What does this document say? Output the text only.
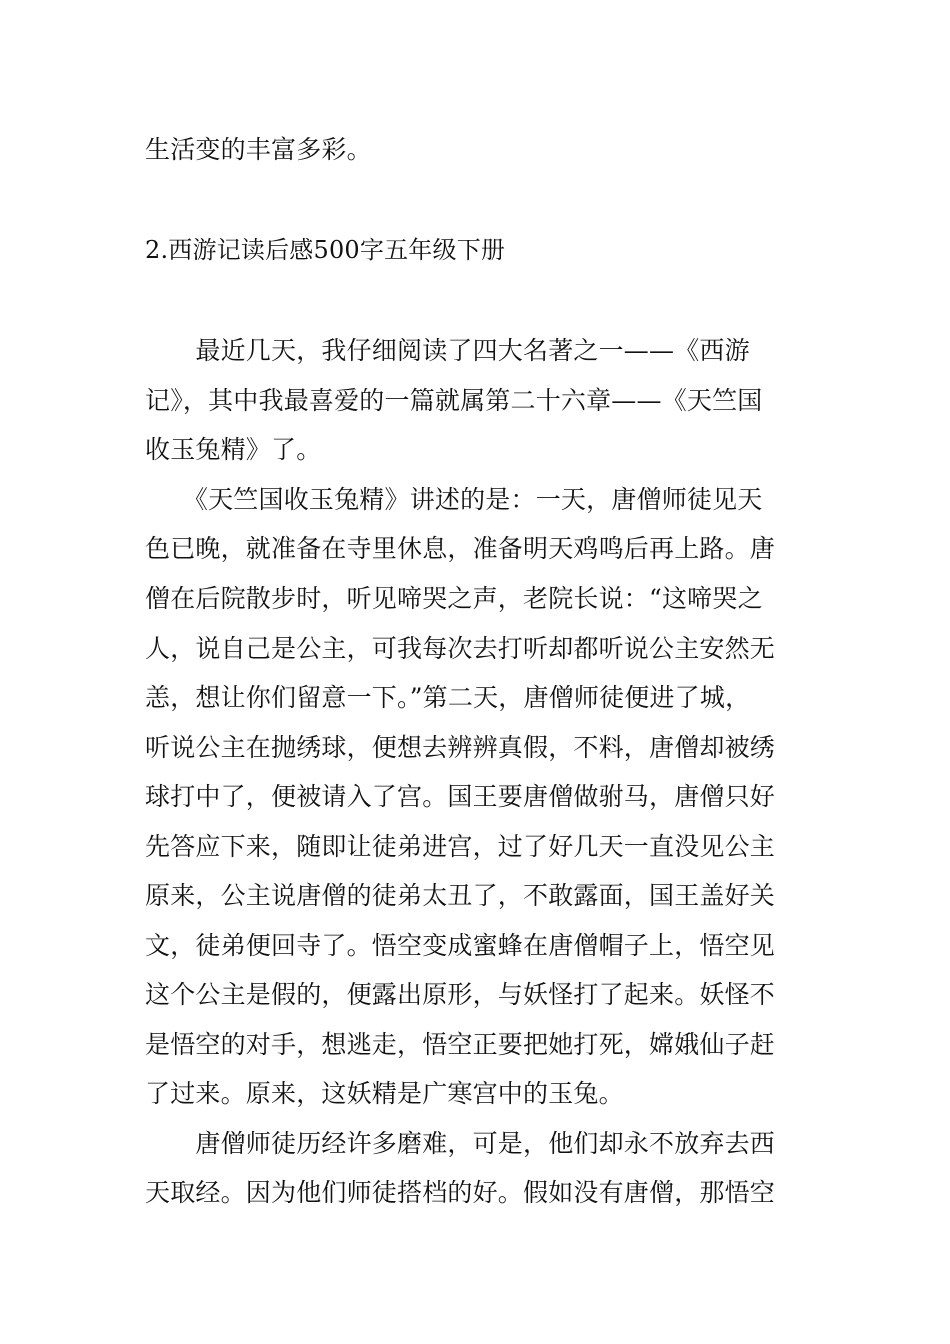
生活变的丰富多彩。
2.西游记读后感500字五年级下册
　　最近几天，我仔细阅读了四大名著之一——《西游
记》，其中我最喜爱的一篇就属第二十六章——《天竺国
收玉兔精》了。
　　《天竺国收玉兔精》讲述的是：一天，唐僧师徒见天
色已晚，就准备在寺里休息，准备明天鸡鸣后再上路。唐
僧在后院散步时，听见啼哭之声，老院长说：“这啼哭之
人，说自己是公主，可我每次去打听却都听说公主安然无
恙，想让你们留意一下。”第二天，唐僧师徒便进了城，
听说公主在抛绣球，便想去辨辨真假，不料，唐僧却被绣
球打中了，便被请入了宫。国王要唐僧做驸马，唐僧只好
先答应下来，随即让徒弟进宫，过了好几天一直没见公主
原来，公主说唐僧的徒弟太丑了，不敢露面，国王盖好关
文，徒弟便回寺了。悟空变成蜜蜂在唐僧帽子上，悟空见
这个公主是假的，便露出原形，与妖怪打了起来。妖怪不
是悟空的对手，想逃走，悟空正要把她打死，嫦娥仙子赶
了过来。原来，这妖精是广寒宫中的玉兔。
　　唐僧师徒历经许多磨难，可是，他们却永不放弃去西
天取经。因为他们师徒搭档的好。假如没有唐僧，那悟空
